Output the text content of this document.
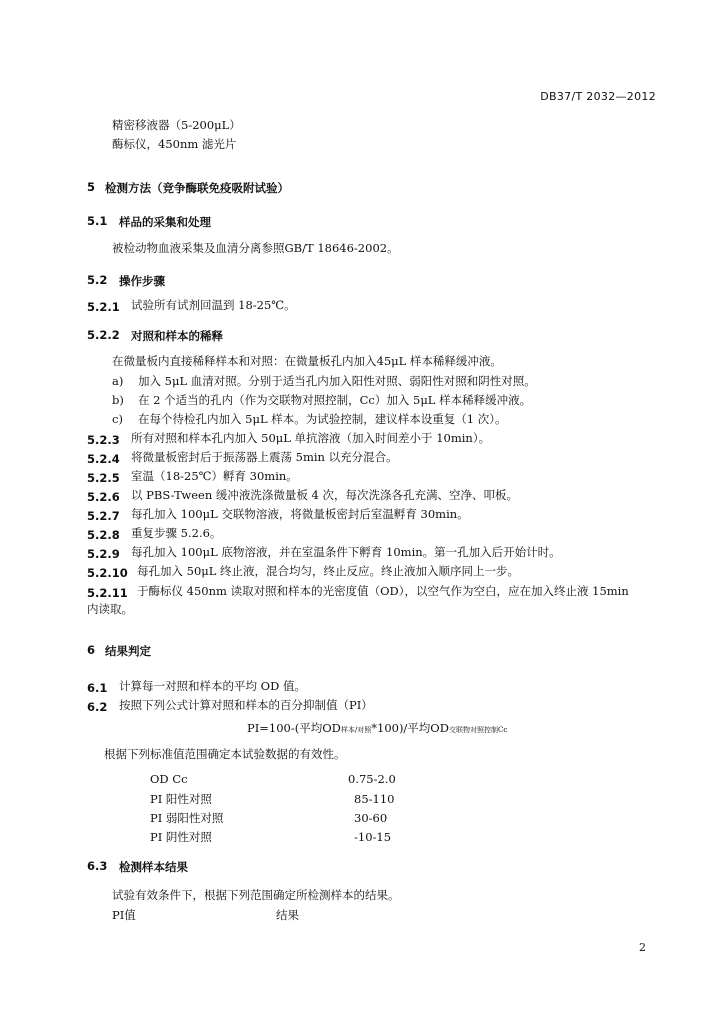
DB37/T 2032—2012
精密移液器（5-200μL）
酶标仪，450nm 滤光片
5 检测方法（竞争酶联免疫吸附试验）
5.1 样品的采集和处理
被检动物血液采集及血清分离参照GB/T 18646-2002。
5.2 操作步骤
5.2.1 试验所有试剂回温到 18-25℃。
5.2.2 对照和样本的稀释
在微量板内直接稀释样本和对照：在微量板孔内加入45μL 样本稀释缓冲液。
a) 加入 5μL 血清对照。分别于适当孔内加入阳性对照、弱阳性对照和阴性对照。
b) 在 2 个适当的孔内（作为交联物对照控制，Cc）加入 5μL 样本稀释缓冲液。
c) 在每个待检孔内加入 5μL 样本。为试验控制，建议样本设重复（1 次）。
5.2.3 所有对照和样本孔内加入 50μL 单抗溶液（加入时间差小于 10min）。
5.2.4 将微量板密封后于振荡器上震荡 5min 以充分混合。
5.2.5 室温（18-25℃）孵育 30min。
5.2.6 以 PBS-Tween 缓冲液洗涤微量板 4 次，每次洗涤各孔充满、空净、叩板。
5.2.7 每孔加入 100μL 交联物溶液，将微量板密封后室温孵育 30min。
5.2.8 重复步骤 5.2.6。
5.2.9 每孔加入 100μL 底物溶液，并在室温条件下孵育 10min。第一孔加入后开始计时。
5.2.10 每孔加入 50μL 终止液，混合均匀，终止反应。终止液加入顺序同上一步。
5.2.11 于酶标仪 450nm 读取对照和样本的光密度值（OD），以空气作为空白，应在加入终止液 15min
内读取。
6 结果判定
6.1 计算每一对照和样本的平均 OD 值。
6.2 按照下列公式计算对照和样本的百分抑制值（PI）
PI=100-(平均OD样本/对照*100)/平均OD交联物对照控制Cc
根据下列标准值范围确定本试验数据的有效性。
OD Cc	0.75-2.0
PI 阳性对照	85-110
PI 弱阳性对照	30-60
PI 阴性对照	-10-15
6.3 检测样本结果
试验有效条件下，根据下列范围确定所检测样本的结果。
PI值	结果
2
